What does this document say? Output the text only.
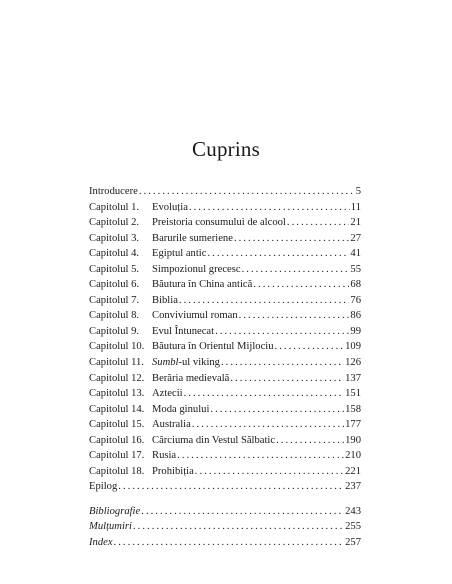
Cuprins
Introducere . . .	5
Capitolul 1.	Evoluția . . .	11
Capitolul 2.	Preistoria consumului de alcool . . .	21
Capitolul 3.	Barurile sumeriene . . .	27
Capitolul 4.	Egiptul antic . . .	41
Capitolul 5.	Simpozionul grecesc . . .	55
Capitolul 6.	Băutura în China antică . . .	68
Capitolul 7.	Biblia . . .	76
Capitolul 8.	Conviviumul roman . . .	86
Capitolul 9.	Evul Întunecat . . .	99
Capitolul 10. Băutura în Orientul Mijlociu . . .	109
Capitolul 11. Sumbl-ul viking . . .	126
Capitolul 12. Berăria medievală . . .	137
Capitolul 13. Aztecii . . .	151
Capitolul 14. Moda ginului . . .	158
Capitolul 15. Australia . . .	177
Capitolul 16. Cârciuma din Vestul Sălbatic . . .	190
Capitolul 17. Rusia . . .	210
Capitolul 18. Prohibiția . . .	221
Epilog . . .	237
Bibliografie . . .	243
Mulțumiri . . .	255
Index . . .	257
